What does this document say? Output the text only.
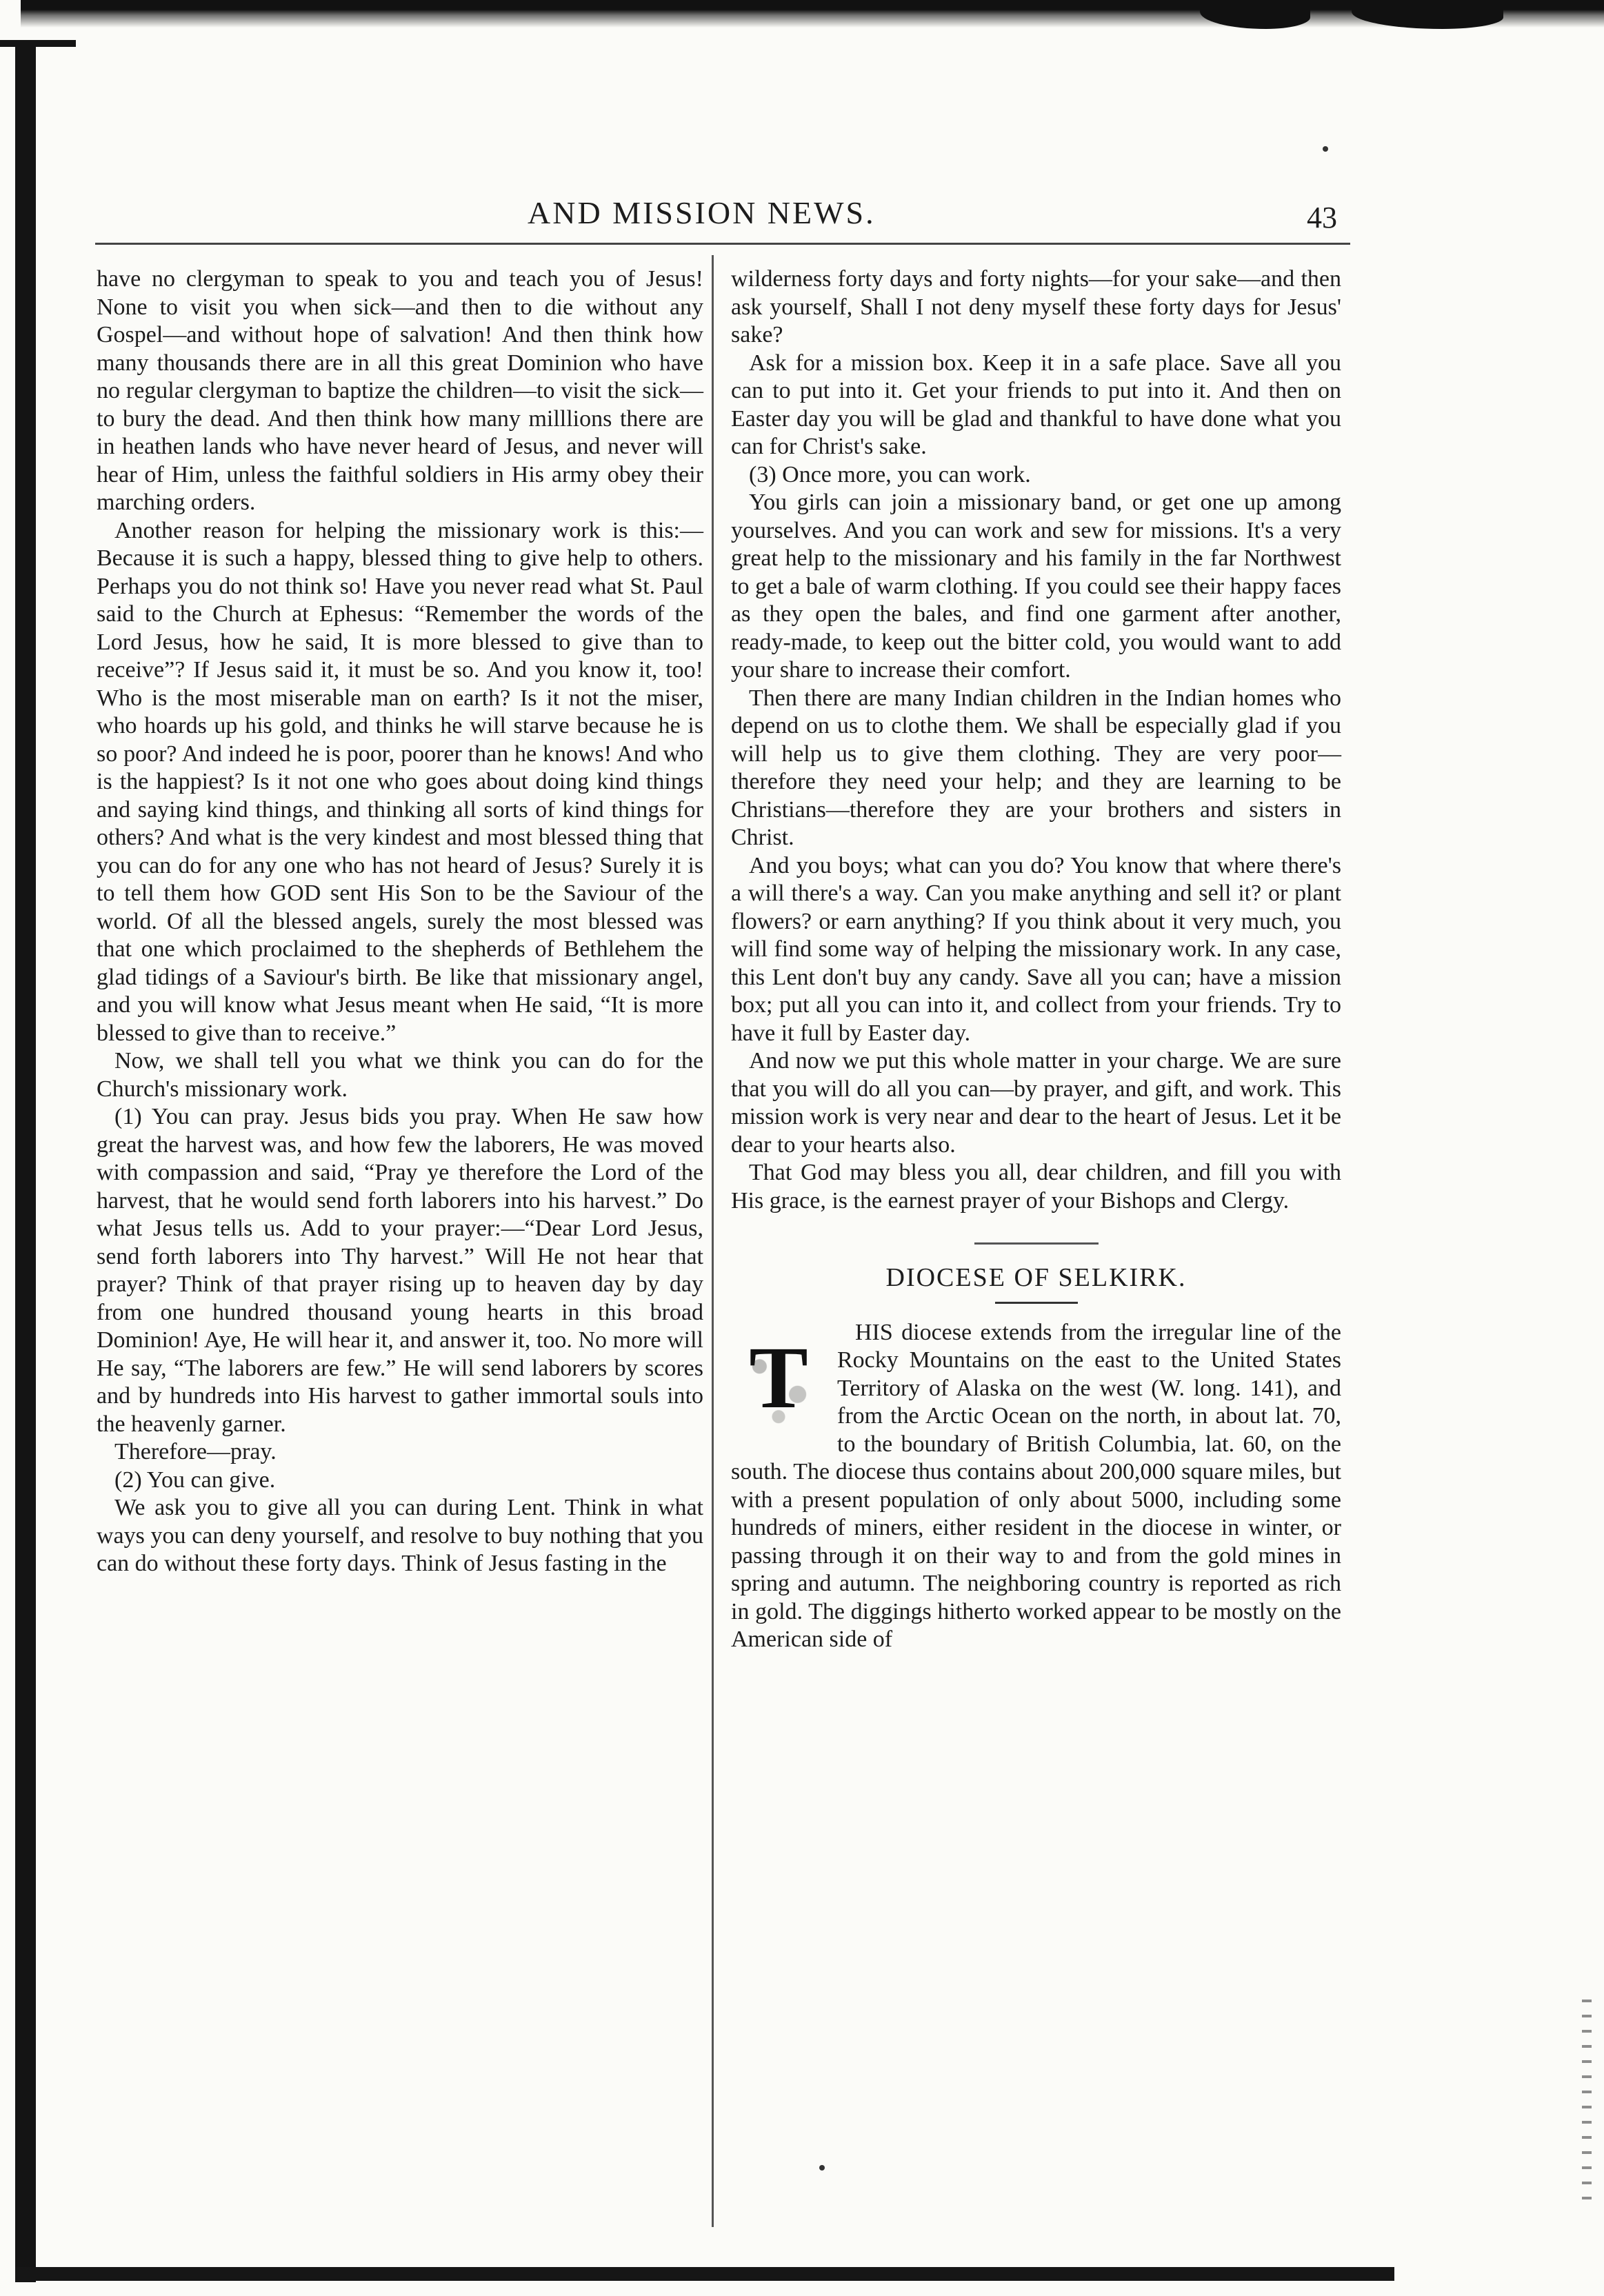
AND MISSION NEWS.	43

have no clergyman to speak to you and teach you of Jesus! None to visit you when sick—and then to die without any Gospel—and without hope of salvation! And then think how many thousands there are in all this great Dominion who have no regular clergyman to baptize the children—to visit the sick—to bury the dead. And then think how many milllions there are in heathen lands who have never heard of Jesus, and never will hear of Him, unless the faithful soldiers in His army obey their marching orders.

Another reason for helping the missionary work is this:—Because it is such a happy, blessed thing to give help to others. Perhaps you do not think so! Have you never read what St. Paul said to the Church at Ephesus: “Remember the words of the Lord Jesus, how he said, It is more blessed to give than to receive”? If Jesus said it, it must be so. And you know it, too! Who is the most miserable man on earth? Is it not the miser, who hoards up his gold, and thinks he will starve because he is so poor? And indeed he is poor, poorer than he knows! And who is the happiest? Is it not one who goes about doing kind things and saying kind things, and thinking all sorts of kind things for others? And what is the very kindest and most blessed thing that you can do for any one who has not heard of Jesus? Surely it is to tell them how GOD sent His Son to be the Saviour of the world. Of all the blessed angels, surely the most blessed was that one which proclaimed to the shepherds of Bethlehem the glad tidings of a Saviour's birth. Be like that missionary angel, and you will know what Jesus meant when He said, “It is more blessed to give than to receive.”

Now, we shall tell you what we think you can do for the Church's missionary work.

(1) You can pray. Jesus bids you pray. When He saw how great the harvest was, and how few the laborers, He was moved with compassion and said, “Pray ye therefore the Lord of the harvest, that he would send forth laborers into his harvest.” Do what Jesus tells us. Add to your prayer:—“Dear Lord Jesus, send forth laborers into Thy harvest.” Will He not hear that prayer? Think of that prayer rising up to heaven day by day from one hundred thousand young hearts in this broad Dominion! Aye, He will hear it, and answer it, too. No more will He say, “The laborers are few.” He will send laborers by scores and by hundreds into His harvest to gather immortal souls into the heavenly garner.

Therefore—pray.

(2) You can give.

We ask you to give all you can during Lent. Think in what ways you can deny yourself, and resolve to buy nothing that you can do without these forty days. Think of Jesus fasting in the

wilderness forty days and forty nights—for your sake—and then ask yourself, Shall I not deny myself these forty days for Jesus' sake?

Ask for a mission box. Keep it in a safe place. Save all you can to put into it. Get your friends to put into it. And then on Easter day you will be glad and thankful to have done what you can for Christ's sake.

(3) Once more, you can work.

You girls can join a missionary band, or get one up among yourselves. And you can work and sew for missions. It's a very great help to the missionary and his family in the far Northwest to get a bale of warm clothing. If you could see their happy faces as they open the bales, and find one garment after another, ready-made, to keep out the bitter cold, you would want to add your share to increase their comfort.

Then there are many Indian children in the Indian homes who depend on us to clothe them. We shall be especially glad if you will help us to give them clothing. They are very poor—therefore they need your help; and they are learning to be Christians—therefore they are your brothers and sisters in Christ.

And you boys; what can you do? You know that where there's a will there's a way. Can you make anything and sell it? or plant flowers? or earn anything? If you think about it very much, you will find some way of helping the missionary work. In any case, this Lent don't buy any candy. Save all you can; have a mission box; put all you can into it, and collect from your friends. Try to have it full by Easter day.

And now we put this whole matter in your charge. We are sure that you will do all you can—by prayer, and gift, and work. This mission work is very near and dear to the heart of Jesus. Let it be dear to your hearts also.

That God may bless you all, dear children, and fill you with His grace, is the earnest prayer of your Bishops and Clergy.

DIOCESE OF SELKIRK.
T	HIS diocese extends from the irregular line of the Rocky Mountains on the east to the United States Territory of Alaska on the west (W. long. 141), and from the Arctic Ocean on the north, in about lat. 70, to the boundary of British Columbia, lat. 60, on the south. The diocese thus contains about 200,000 square miles, but with a present population of only about 5000, including some hundreds of miners, either resident in the diocese in winter, or passing through it on their way to and from the gold mines in spring and autumn. The neighboring country is reported as rich in gold. The diggings hitherto worked appear to be mostly on the American side of
